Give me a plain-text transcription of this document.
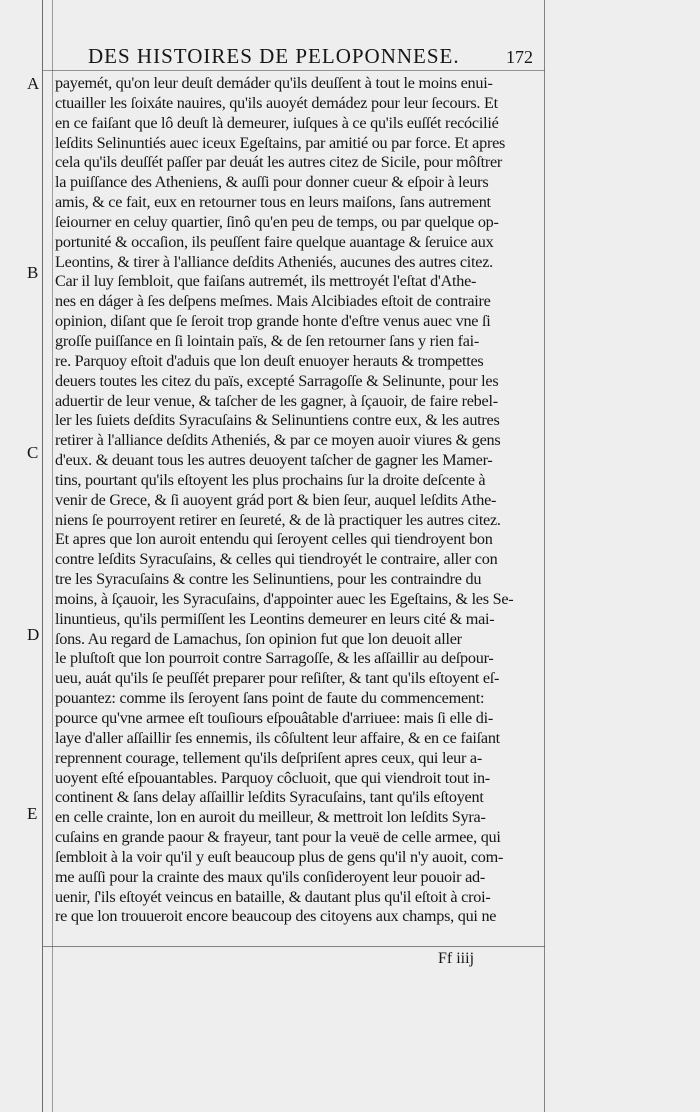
DES HISTOIRES DE PELOPONNESE.	172
A
B
C
D
E
payemét, qu'on leur deuſt demáder qu'ils deuſſent à tout le moins enui-
ctuailler les ſoixáte nauires, qu'ils auoyét demádez pour leur ſecours. Et
en ce faiſant que lô deuſt là demeurer, iuſques à ce qu'ils euſſét recócilié
leſdits Selinuntiés auec iceux Egeſtains, par amitié ou par force. Et apres
cela qu'ils deuſſét paſſer par deuát les autres citez de Sicile, pour môſtrer
la puiſſance des Atheniens, & auſſi pour donner cueur & eſpoir à leurs
amis, & ce fait, eux en retourner tous en leurs maiſons, ſans autrement
ſeiourner en celuy quartier, ſinô qu'en peu de temps, ou par quelque op-
portunité & occaſion, ils peuſſent faire quelque auantage & ſeruice aux
Leontins, & tirer à l'alliance deſdits Atheniés, aucunes des autres citez.
Car il luy ſembloit, que faiſans autremét, ils mettroyét l'eſtat d'Athe-
nes en dáger à ſes deſpens meſmes. Mais Alcibiades eſtoit de contraire
opinion, diſant que ſe ſeroit trop grande honte d'eſtre venus auec vne ſi
groſſe puiſſance en ſi lointain païs, & de ſen retourner ſans y rien fai-
re. Parquoy eſtoit d'aduis que lon deuſt enuoyer herauts & trompettes
deuers toutes les citez du païs, excepté Sarragoſſe & Selinunte, pour les
aduertir de leur venue, & taſcher de les gagner, à ſçauoir, de faire rebel-
ler les ſuiets deſdits Syracuſains & Selinuntiens contre eux, & les autres
retirer à l'alliance deſdits Atheniés, & par ce moyen auoir viures & gens
d'eux. & deuant tous les autres deuoyent taſcher de gagner les Mamer-
tins, pourtant qu'ils eſtoyent les plus prochains ſur la droite deſcente à
venir de Grece, & ſi auoyent grád port & bien ſeur, auquel leſdits Athe-
niens ſe pourroyent retirer en ſeureté, & de là practiquer les autres citez.
Et apres que lon auroit entendu qui ſeroyent celles qui tiendroyent bon
contre leſdits Syracuſains, & celles qui tiendroyét le contraire, aller con
tre les Syracuſains & contre les Selinuntiens, pour les contraindre du
moins, à ſçauoir, les Syracuſains, d'appointer auec les Egeſtains, & les Se-
linuntieus, qu'ils permiſſent les Leontins demeurer en leurs cité & mai-
ſons. Au regard de Lamachus, ſon opinion fut que lon deuoit aller
le pluſtoſt que lon pourroit contre Sarragoſſe, & les aſſaillir au deſpour-
ueu, auát qu'ils ſe peuſſét preparer pour reſiſter, & tant qu'ils eſtoyent eſ-
pouantez: comme ils ſeroyent ſans point de faute du commencement:
pource qu'vne armee eſt touſiours eſpouâtable d'arriuee: mais ſi elle di-
laye d'aller aſſaillir ſes ennemis, ils côſultent leur affaire, & en ce faiſant
reprennent courage, tellement qu'ils deſpriſent apres ceux, qui leur a-
uoyent eſté eſpouantables. Parquoy côcluoit, que qui viendroit tout in-
continent & ſans delay aſſaillir leſdits Syracuſains, tant qu'ils eſtoyent
en celle crainte, lon en auroit du meilleur, & mettroit lon leſdits Syra-
cuſains en grande paour & frayeur, tant pour la veuë de celle armee, qui
ſembloit à la voir qu'il y euſt beaucoup plus de gens qu'il n'y auoit, com-
me auſſi pour la crainte des maux qu'ils conſideroyent leur pouoir ad-
uenir, ſ'ils eſtoyét veincus en bataille, & dautant plus qu'il eſtoit à croi-
re que lon trouueroit encore beaucoup des citoyens aux champs, qui ne
Ff iiij
